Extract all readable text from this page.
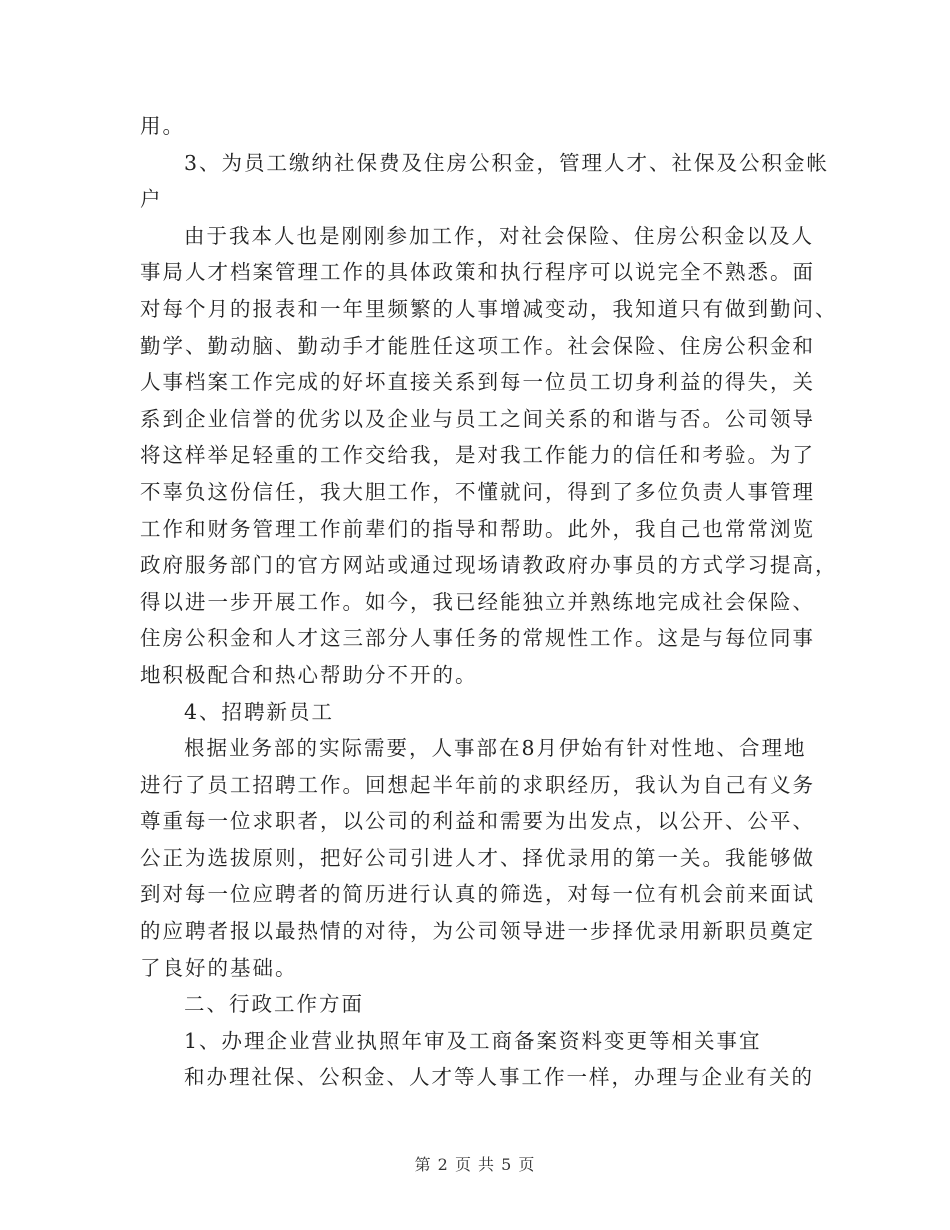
用。
3、为员工缴纳社保费及住房公积金，管理人才、社保及公积金帐
户
由于我本人也是刚刚参加工作，对社会保险、住房公积金以及人
事局人才档案管理工作的具体政策和执行程序可以说完全不熟悉。面
对每个月的报表和一年里频繁的人事增减变动，我知道只有做到勤问、
勤学、勤动脑、勤动手才能胜任这项工作。社会保险、住房公积金和
人事档案工作完成的好坏直接关系到每一位员工切身利益的得失，关
系到企业信誉的优劣以及企业与员工之间关系的和谐与否。公司领导
将这样举足轻重的工作交给我，是对我工作能力的信任和考验。为了
不辜负这份信任，我大胆工作，不懂就问，得到了多位负责人事管理
工作和财务管理工作前辈们的指导和帮助。此外，我自己也常常浏览
政府服务部门的官方网站或通过现场请教政府办事员的方式学习提高，
得以进一步开展工作。如今，我已经能独立并熟练地完成社会保险、
住房公积金和人才这三部分人事任务的常规性工作。这是与每位同事
地积极配合和热心帮助分不开的。
4、招聘新员工
根据业务部的实际需要，人事部在8月伊始有针对性地、合理地
进行了员工招聘工作。回想起半年前的求职经历，我认为自己有义务
尊重每一位求职者，以公司的利益和需要为出发点，以公开、公平、
公正为选拔原则，把好公司引进人才、择优录用的第一关。我能够做
到对每一位应聘者的简历进行认真的筛选，对每一位有机会前来面试
的应聘者报以最热情的对待，为公司领导进一步择优录用新职员奠定
了良好的基础。
二、行政工作方面
1、办理企业营业执照年审及工商备案资料变更等相关事宜
和办理社保、公积金、人才等人事工作一样，办理与企业有关的
第 2 页 共 5 页
